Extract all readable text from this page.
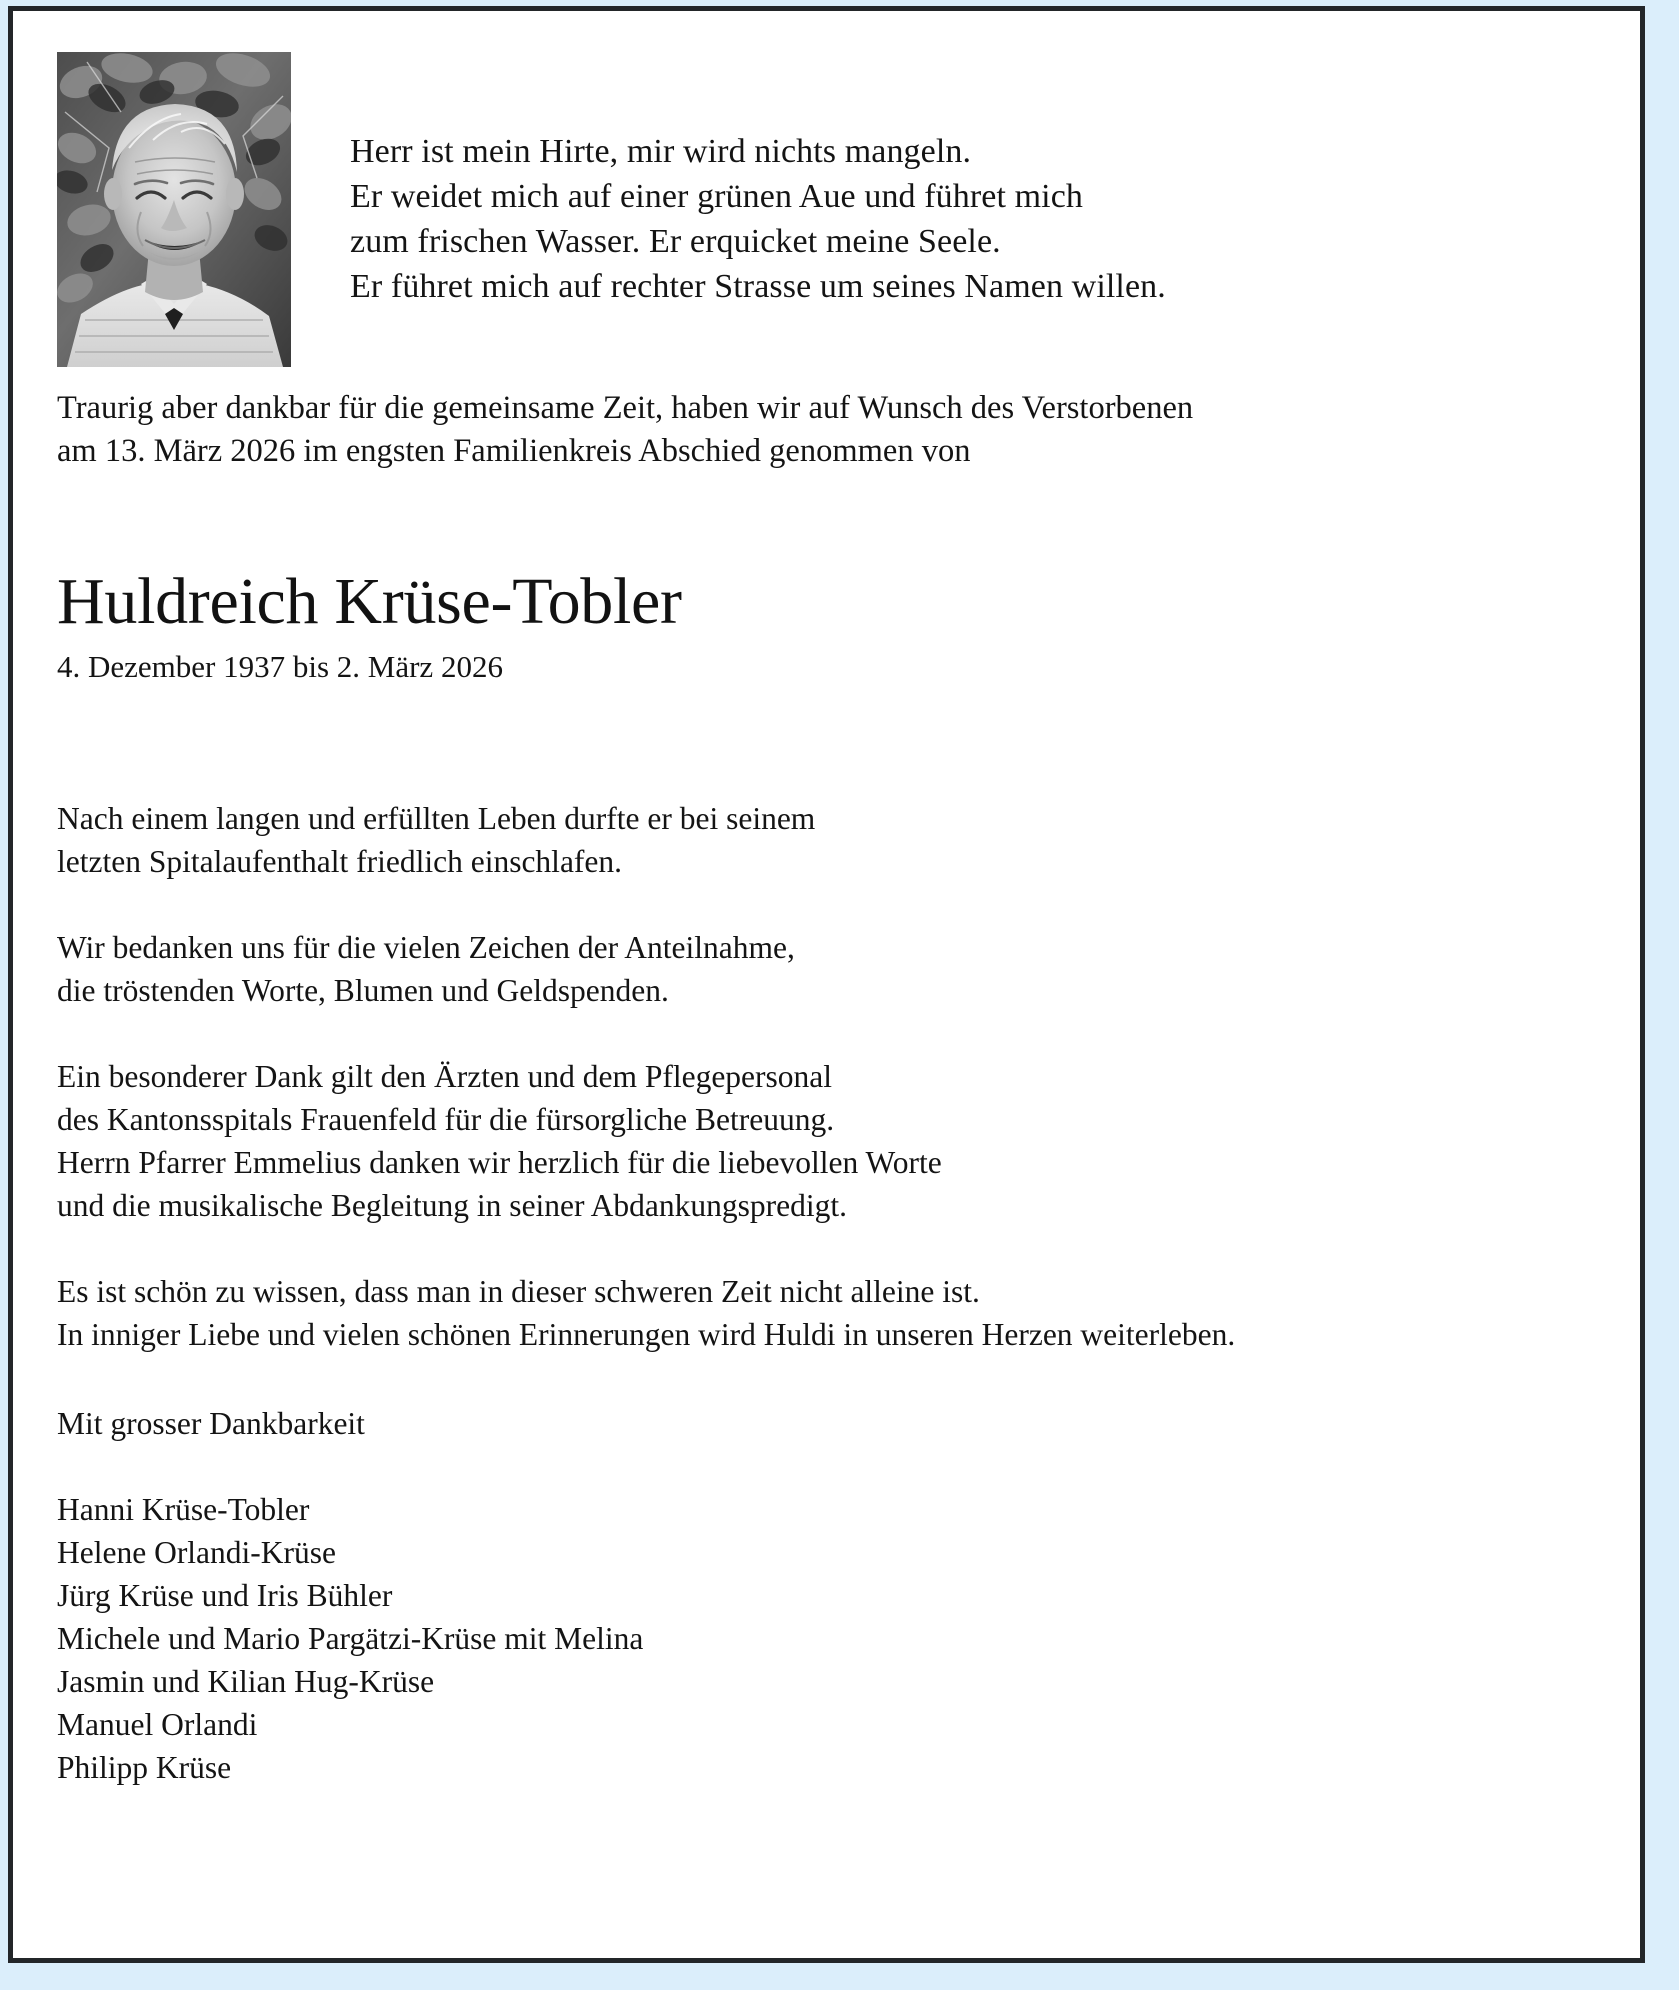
Herr ist mein Hirte, mir wird nichts mangeln.
Er weidet mich auf einer grünen Aue und führet mich
zum frischen Wasser. Er erquicket meine Seele.
Er führet mich auf rechter Strasse um seines Namen willen.
Traurig aber dankbar für die gemeinsame Zeit, haben wir auf Wunsch des Verstorbenen
am 13. März 2026 im engsten Familienkreis Abschied genommen von
Huldreich Krüse-Tobler
4. Dezember 1937 bis 2. März 2026
Nach einem langen und erfüllten Leben durfte er bei seinem
letzten Spitalaufenthalt friedlich einschlafen.
Wir bedanken uns für die vielen Zeichen der Anteilnahme,
die tröstenden Worte, Blumen und Geldspenden.
Ein besonderer Dank gilt den Ärzten und dem Pflegepersonal
des Kantonsspitals Frauenfeld für die fürsorgliche Betreuung.
Herrn Pfarrer Emmelius danken wir herzlich für die liebevollen Worte
und die musikalische Begleitung in seiner Abdankungspredigt.
Es ist schön zu wissen, dass man in dieser schweren Zeit nicht alleine ist.
In inniger Liebe und vielen schönen Erinnerungen wird Huldi in unseren Herzen weiterleben.
Mit grosser Dankbarkeit
Hanni Krüse-Tobler
Helene Orlandi-Krüse
Jürg Krüse und Iris Bühler
Michele und Mario Pargätzi-Krüse mit Melina
Jasmin und Kilian Hug-Krüse
Manuel Orlandi
Philipp Krüse
